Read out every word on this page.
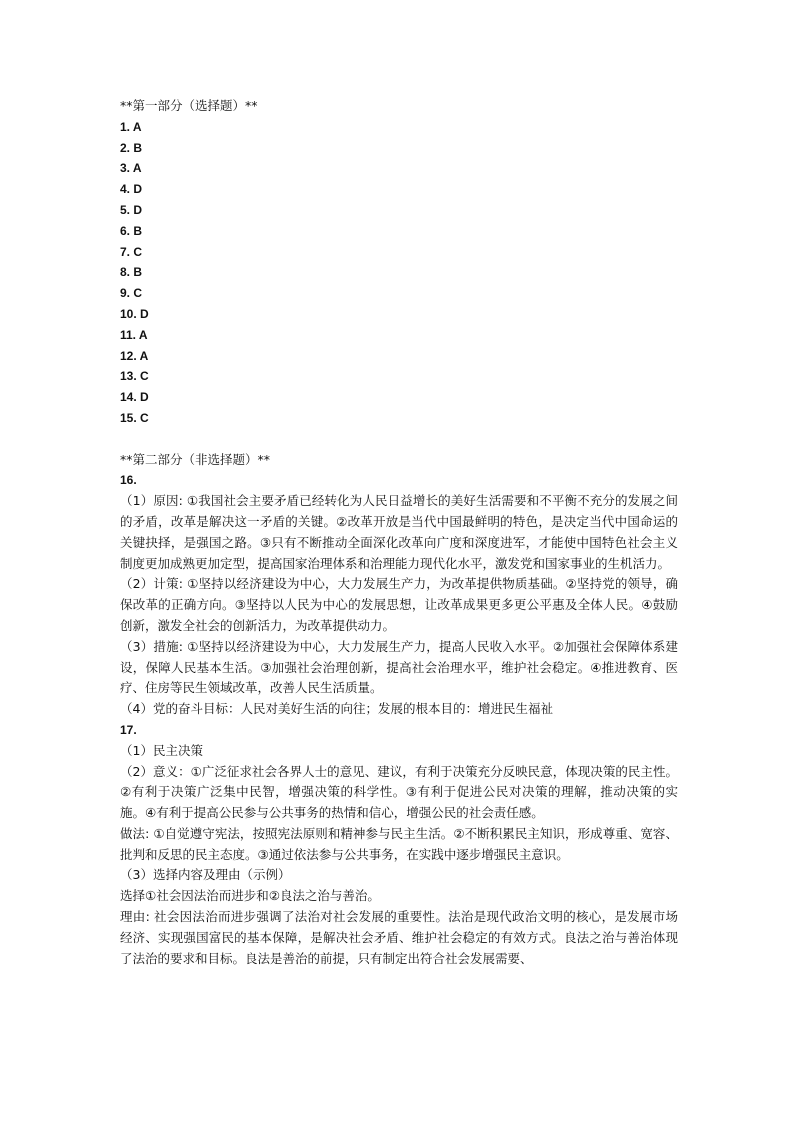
**第一部分（选择题）**
1. A
2. B
3. A
4. D
5. D
6. B
7. C
8. B
9. C
10. D
11. A
12. A
13. C
14. D
15. C
**第二部分（非选择题）**
16.
（1）原因: ①我国社会主要矛盾已经转化为人民日益增长的美好生活需要和不平衡不充分的发展之间的矛盾，改革是解决这一矛盾的关键。②改革开放是当代中国最鲜明的特色，是决定当代中国命运的关键抉择，是强国之路。③只有不断推动全面深化改革向广度和深度进军，才能使中国特色社会主义制度更加成熟更加定型，提高国家治理体系和治理能力现代化水平，激发党和国家事业的生机活力。
（2）计策: ①坚持以经济建设为中心，大力发展生产力，为改革提供物质基础。②坚持党的领导，确保改革的正确方向。③坚持以人民为中心的发展思想，让改革成果更多更公平惠及全体人民。④鼓励创新，激发全社会的创新活力，为改革提供动力。
（3）措施: ①坚持以经济建设为中心，大力发展生产力，提高人民收入水平。②加强社会保障体系建设，保障人民基本生活。③加强社会治理创新，提高社会治理水平，维护社会稳定。④推进教育、医疗、住房等民生领域改革，改善人民生活质量。
（4）党的奋斗目标：人民对美好生活的向往；发展的根本目的：增进民生福祉
17.
（1）民主决策
（2）意义：①广泛征求社会各界人士的意见、建议，有利于决策充分反映民意，体现决策的民主性。②有利于决策广泛集中民智，增强决策的科学性。③有利于促进公民对决策的理解，推动决策的实施。④有利于提高公民参与公共事务的热情和信心，增强公民的社会责任感。
做法: ①自觉遵守宪法，按照宪法原则和精神参与民主生活。②不断积累民主知识，形成尊重、宽容、批判和反思的民主态度。③通过依法参与公共事务，在实践中逐步增强民主意识。
（3）选择内容及理由（示例）
选择①社会因法治而进步和②良法之治与善治。
理由: 社会因法治而进步强调了法治对社会发展的重要性。法治是现代政治文明的核心，是发展市场经济、实现强国富民的基本保障，是解决社会矛盾、维护社会稳定的有效方式。良法之治与善治体现了法治的要求和目标。良法是善治的前提，只有制定出符合社会发展需要、
